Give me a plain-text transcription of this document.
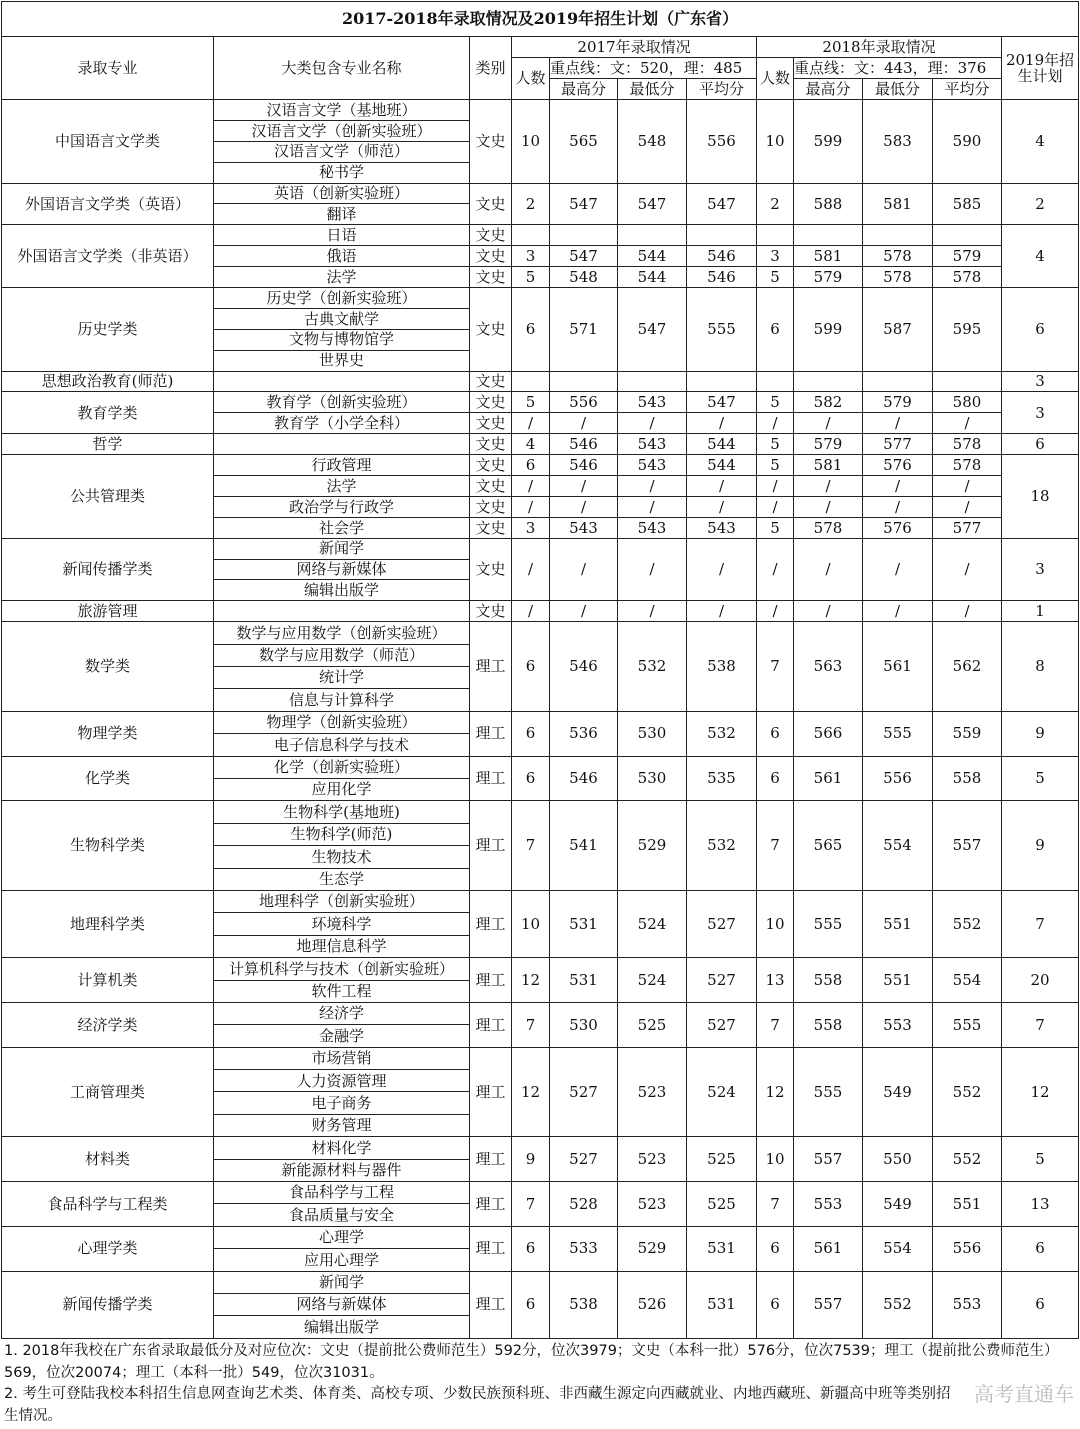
2017-2018年录取情况及2019年招生计划（广东省）											
录取专业	大类包含专业名称	类别	2017年录取情况				2018年录取情况				2019年招生计划
			人数	重点线：文：520，理：485			人数	重点线：文：443，理：376			
				最高分	最低分	平均分		最高分	最低分	平均分	
中国语言文学类	汉语言文学（基地班）	文史	10	565	548	556	10	599	583	590	4
	汉语言文学（创新实验班）										
	汉语言文学（师范）										
	秘书学										
外国语言文学类（英语）	英语（创新实验班）	文史	2	547	547	547	2	588	581	585	2
	翻译										
外国语言文学类（非英语）	日语	文史									4
	俄语	文史	3	547	544	546	3	581	578	579	
	法学	文史	5	548	544	546	5	579	578	578	
历史学类	历史学（创新实验班）	文史	6	571	547	555	6	599	587	595	6
	古典文献学										
	文物与博物馆学										
	世界史										
思想政治教育(师范)		文史									3
教育学类	教育学（创新实验班）	文史	5	556	543	547	5	582	579	580	3
	教育学（小学全科）	文史	/	/	/	/	/	/	/	/	
哲学		文史	4	546	543	544	5	579	577	578	6
公共管理类	行政管理	文史	6	546	543	544	5	581	576	578	18
	法学	文史	/	/	/	/	/	/	/	/	
	政治学与行政学	文史	/	/	/	/	/	/	/	/	
	社会学	文史	3	543	543	543	5	578	576	577	
新闻传播学类	新闻学	文史	/	/	/	/	/	/	/	/	3
	网络与新媒体										
	编辑出版学										
旅游管理		文史	/	/	/	/	/	/	/	/	1
数学类	数学与应用数学（创新实验班）	理工	6	546	532	538	7	563	561	562	8
	数学与应用数学（师范）										
	统计学										
	信息与计算科学										
物理学类	物理学（创新实验班）	理工	6	536	530	532	6	566	555	559	9
	电子信息科学与技术										
化学类	化学（创新实验班）	理工	6	546	530	535	6	561	556	558	5
	应用化学										
生物科学类	生物科学(基地班)	理工	7	541	529	532	7	565	554	557	9
	生物科学(师范)										
	生物技术										
	生态学										
地理科学类	地理科学（创新实验班）	理工	10	531	524	527	10	555	551	552	7
	环境科学										
	地理信息科学										
计算机类	计算机科学与技术（创新实验班）	理工	12	531	524	527	13	558	551	554	20
	软件工程										
经济学类	经济学	理工	7	530	525	527	7	558	553	555	7
	金融学										
工商管理类	市场营销	理工	12	527	523	524	12	555	549	552	12
	人力资源管理										
	电子商务										
	财务管理										
材料类	材料化学	理工	9	527	523	525	10	557	550	552	5
	新能源材料与器件										
食品科学与工程类	食品科学与工程	理工	7	528	523	525	7	553	549	551	13
	食品质量与安全										
心理学类	心理学	理工	6	533	529	531	6	561	554	556	6
	应用心理学										
新闻传播学类	新闻学	理工	6	538	526	531	6	557	552	553	6
	网络与新媒体										
	编辑出版学										
1. 2018年我校在广东省录取最低分及对应位次：文史（提前批公费师范生）592分，位次3979；文史（本科一批）576分，位次7539；理工（提前批公费师范生）569，位次20074；理工（本科一批）549，位次31031。
高考直通车
2. 考生可登陆我校本科招生信息网查询艺术类、体育类、高校专项、少数民族预科班、非西藏生源定向西藏就业、内地西藏班、新疆高中班等类别招生情况。
